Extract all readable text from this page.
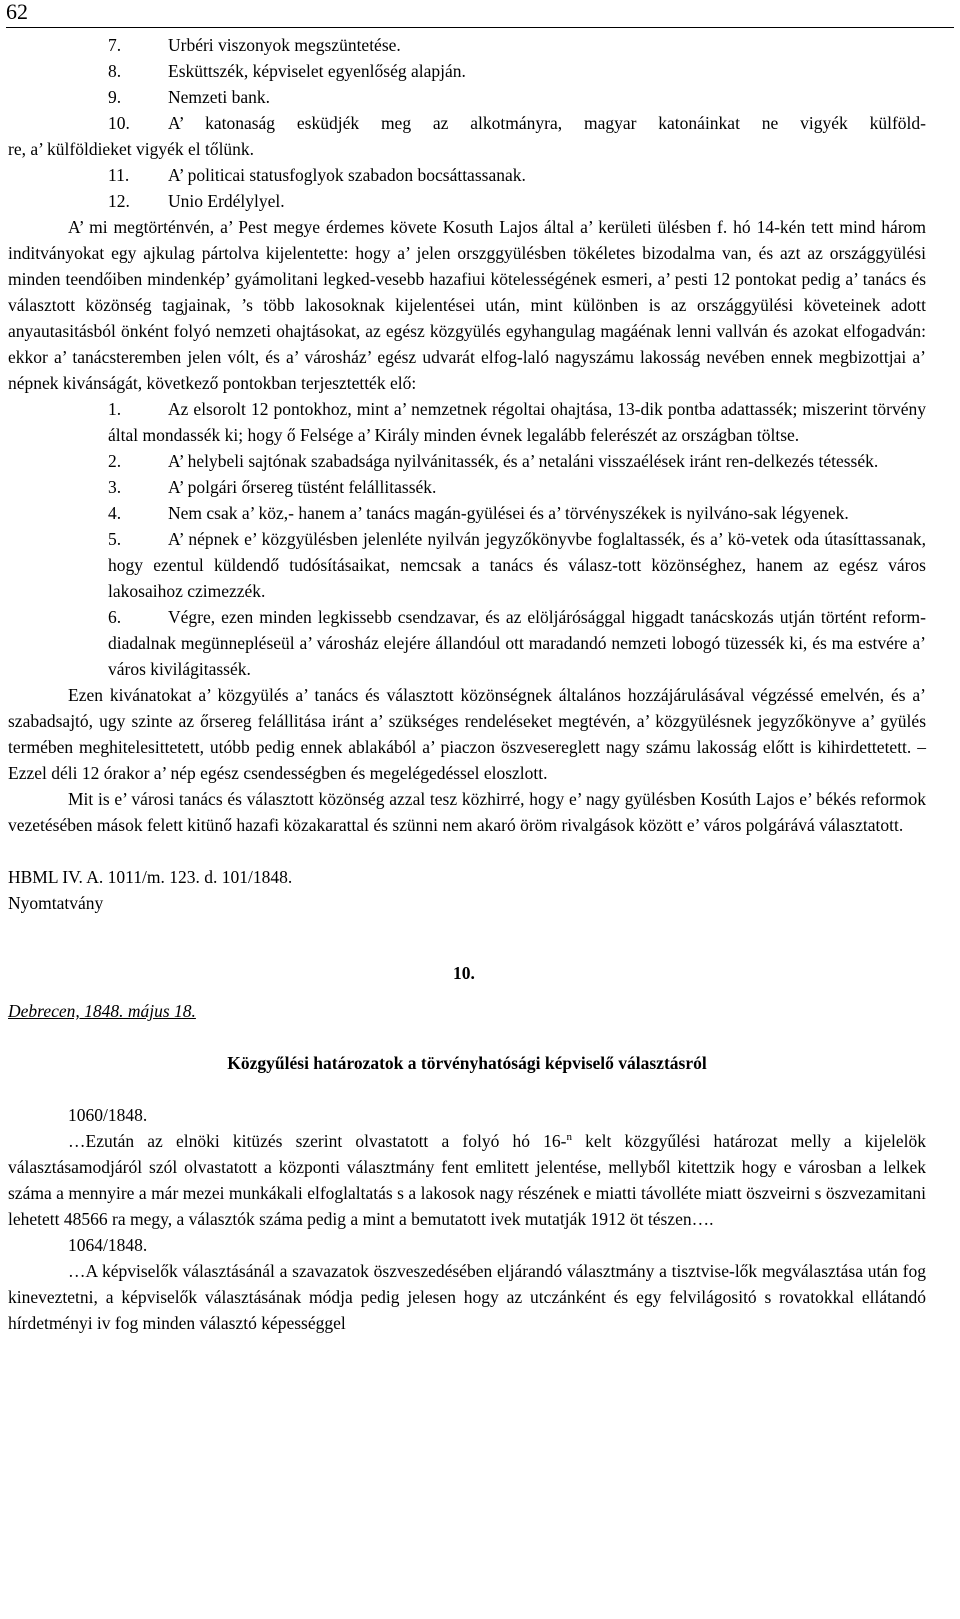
62
7.	Urbéri viszonyok megszüntetése.
8.	Esküttszék, képviselet egyenlőség alapján.
9.	Nemzeti bank.
10. A’ katonaság esküdjék meg az alkotmányra, magyar katonáinkat ne vigyék külföld-
re, a’ külföldieket vigyék el tőlünk.
11. A’ politicai statusfoglyok szabadon bocsáttassanak.
12. Unio Erdélylyel.

A’ mi megtörténvén, a’ Pest megye érdemes követe Kosuth Lajos által a’ kerületi ülésben f. hó 14-kén tett mind három inditványokat egy ajkulag pártolva kijelentette: hogy a’ jelen orszggyülésben tökéletes bizodalma van, és azt az országgyülési minden teendőiben mindenkép’ gyámolitani legked-vesebb hazafiui kötelességének esmeri, a’ pesti 12 pontokat pedig a’ tanács és választott közönség tagjainak, ’s több lakosoknak kijelentései után, mint különben is az országgyülési követeinek adott anyautasitásból önként folyó nemzeti ohajtásokat, az egész közgyülés egyhangulag magáénak lenni vallván és azokat elfogadván: ekkor a’ tanácsteremben jelen vólt, és a’ városház’ egész udvarát elfog-laló nagyszámu lakosság nevében ennek megbizottjai a’ népnek kivánságát, következő pontokban terjesztették elő:

1.	Az elsorolt 12 pontokhoz, mint a’ nemzetnek régoltai ohajtása, 13-dik pontba adattassék; miszerint törvény által mondassék ki; hogy ő Felsége a’ Király minden évnek legalább felerészét az országban töltse.

2.	A’ helybeli sajtónak szabadsága nyilvánitassék, és a’ netaláni visszaélések iránt ren-delkezés tétessék.

3.	A’ polgári őrsereg tüstént felállitassék.

4.	Nem csak a’ köz,- hanem a’ tanács magán-gyülései és a’ törvényszékek is nyilváno-sak légyenek.

5.	A’ népnek e’ közgyülésben jelenléte nyilván jegyzőkönyvbe foglaltassék, és a’ kö-vetek oda útasíttassanak, hogy ezentul küldendő tudósításaikat, nemcsak a tanács és válasz-tott közönséghez, hanem az egész város lakosaihoz czimezzék.

6.	Végre, ezen minden legkissebb csendzavar, és az elöljárósággal higgadt tanácskozás utján történt reform-diadalnak megünnepléseül a’ városház elejére állandóul ott maradandó nemzeti lobogó tüzessék ki, és ma estvére a’ város kivilágitassék.

Ezen kivánatokat a’ közgyülés a’ tanács és választott közönségnek általános hozzájárulásával végzéssé emelvén, és a’ szabadsajtó, ugy szinte az őrsereg felállitása iránt a’ szükséges rendeléseket megtévén, a’ közgyülésnek jegyzőkönyve a’ gyülés termében meghitelesittetett, utóbb pedig ennek ablakából a’ piaczon öszvesereglett nagy számu lakosság előtt is kihirdettetett. – Ezzel déli 12 órakor a’ nép egész csendességben és megelégedéssel eloszlott.

Mit is e’ városi tanács és választott közönség azzal tesz közhirré, hogy e’ nagy gyülésben Kosúth Lajos e’ békés reformok vezetésében mások felett kitünő hazafi közakarattal és szünni nem akaró öröm rivalgások között e’ város polgárává választatott.

HBML IV. A. 1011/m. 123. d. 101/1848.
Nyomtatvány
10.
Debrecen, 1848. május 18.
Közgyűlési határozatok a törvényhatósági képviselő választásról
1060/1848.

…Ezután az elnöki kitüzés szerint olvastatott a folyó hó 16-$^n$ kelt közgyűlési határozat melly a kijelelök választásamodjáról szól olvastatott a központi választmány fent emlitett jelentése, mellyből kitettzik hogy e városban a lelkek száma a mennyire a már mezei munkákali elfoglaltatás s a lakosok nagy részének e miatti távolléte miatt öszveirni s öszvezamitani lehetett 48566 ra megy, a választók száma pedig a mint a bemutatott ivek mutatják 1912 öt tészen….

1064/1848.

…A képviselők választásánál a szavazatok öszveszedésében eljárandó választmány a tisztvise-lők megválasztása után fog kineveztetni, a képviselők választásának módja pedig jelesen hogy az utczánként és egy felvilágositó s rovatokkal ellátandó hírdetményi iv fog minden választó képességgel
